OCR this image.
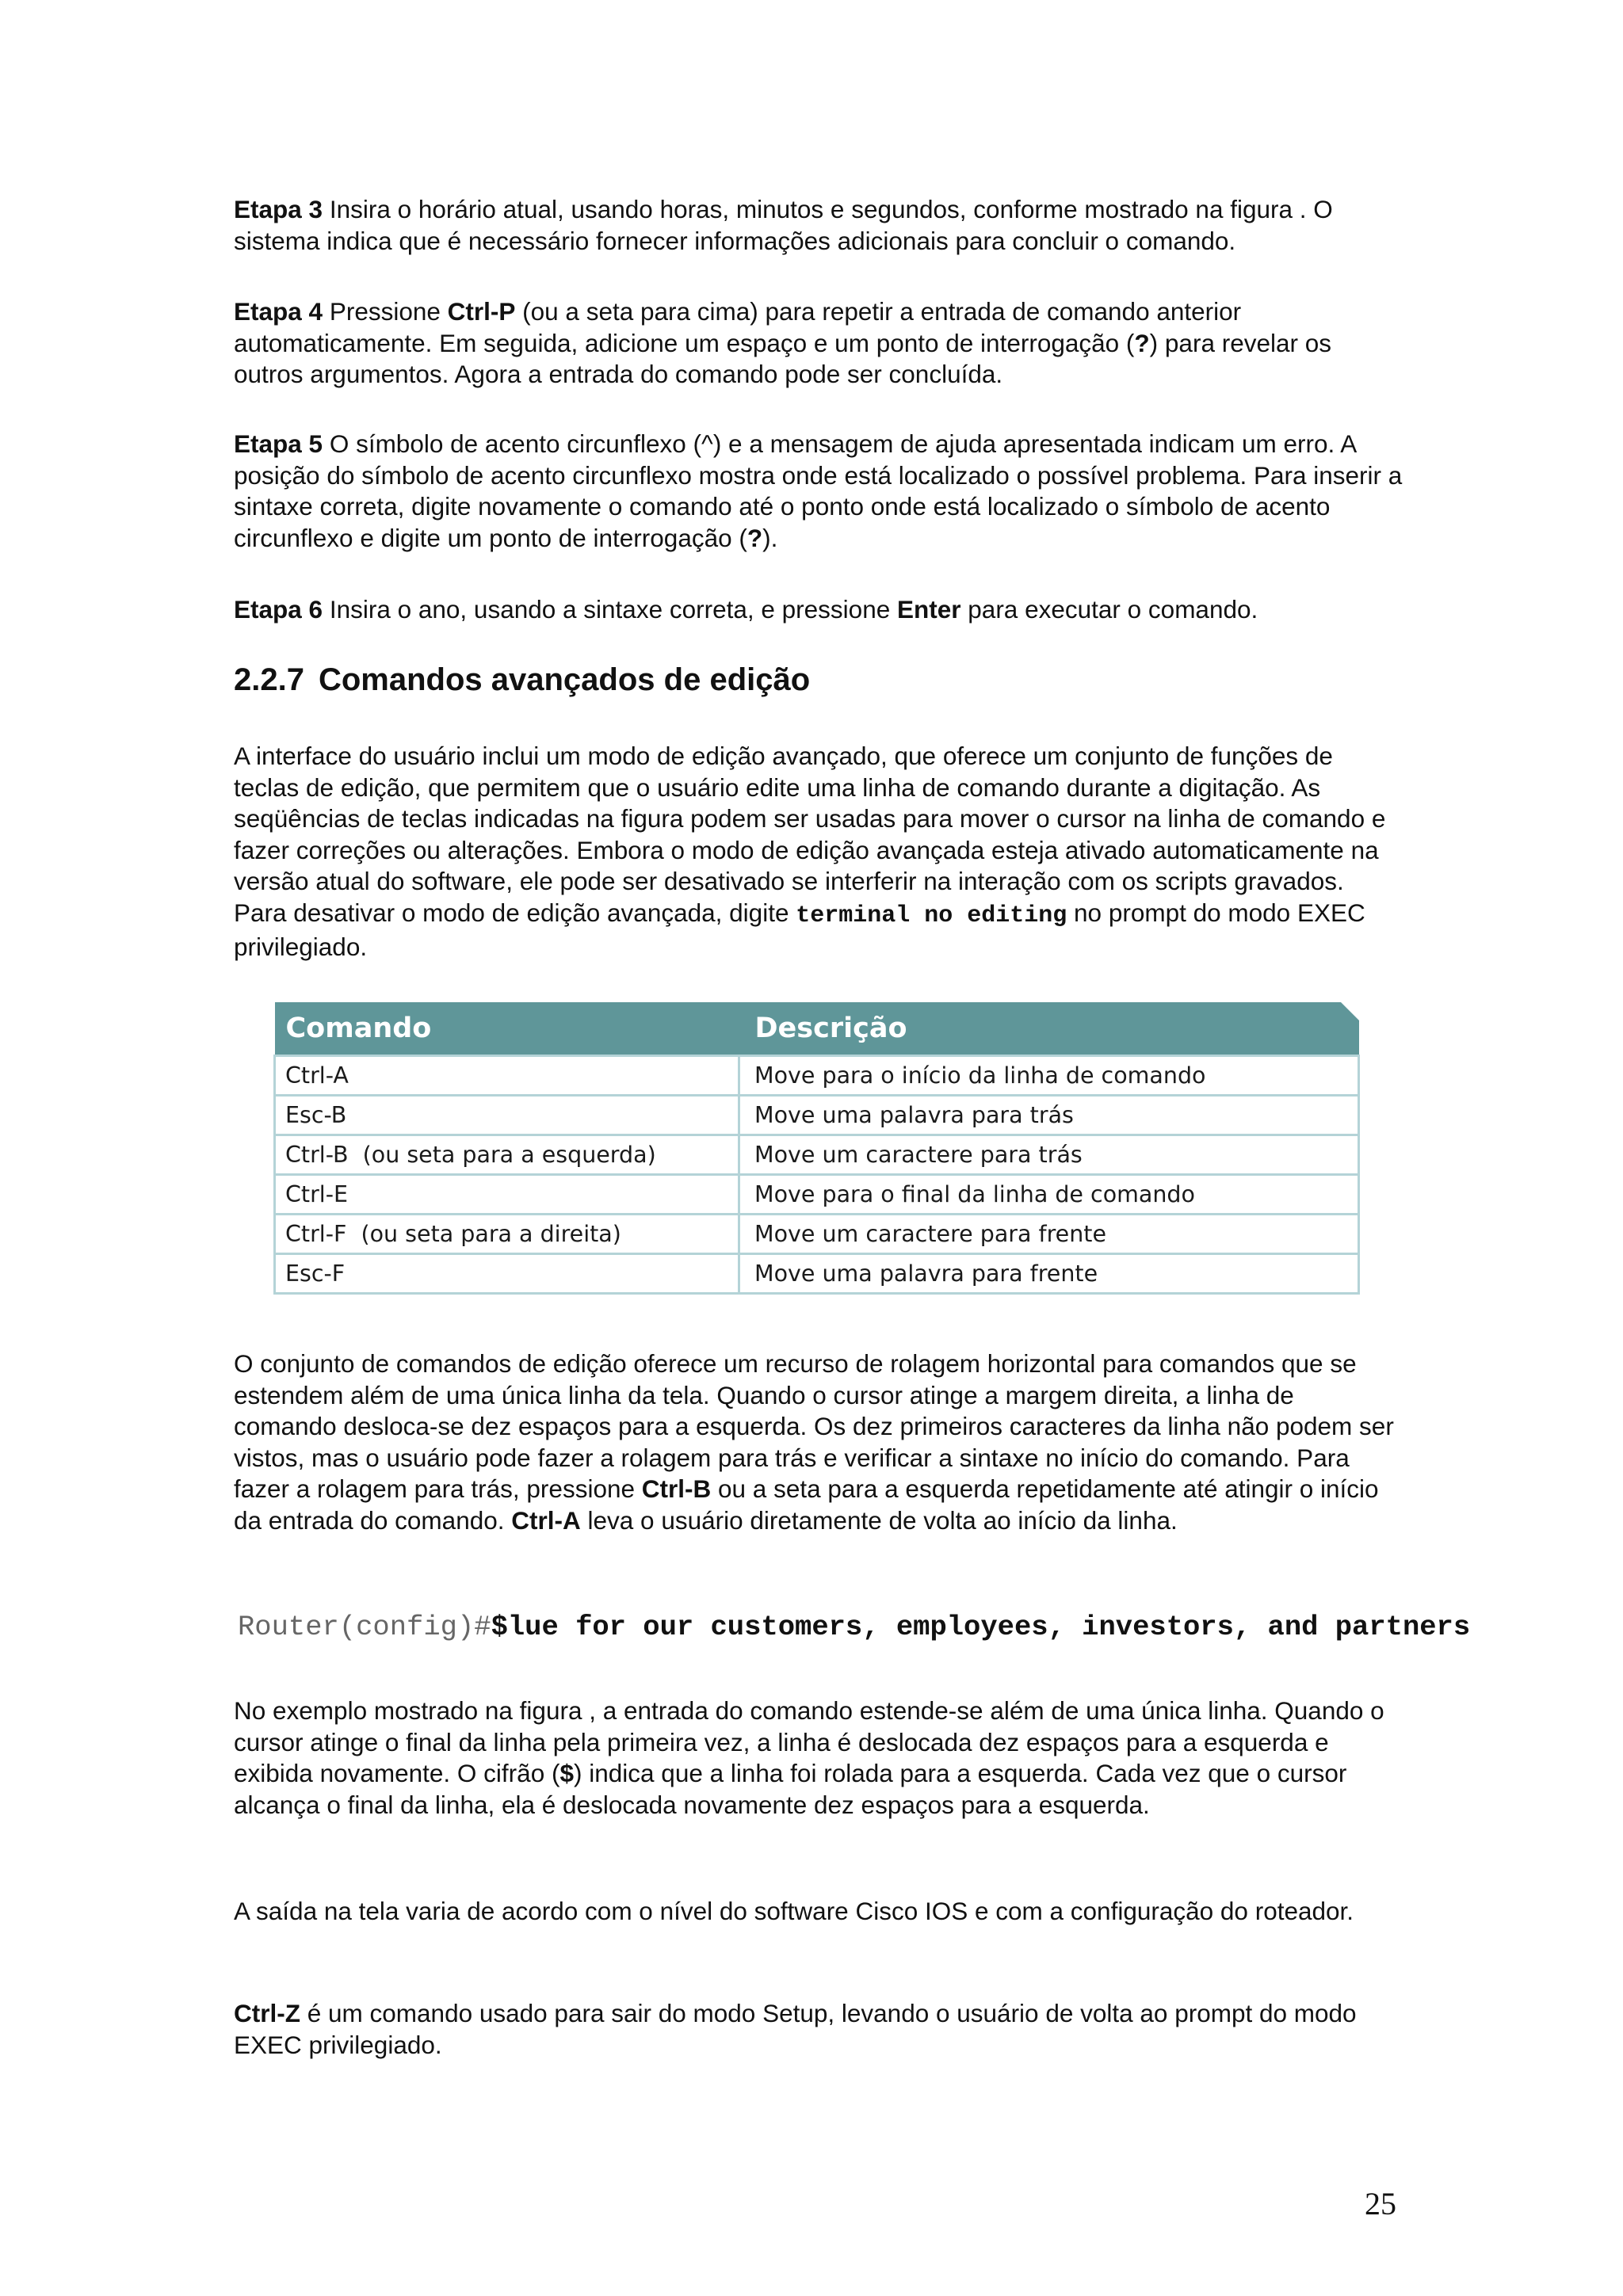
Etapa 3 Insira o horário atual, usando horas, minutos e segundos, conforme mostrado na figura . O sistema indica que é necessário fornecer informações adicionais para concluir o comando.

Etapa 4 Pressione Ctrl-P (ou a seta para cima) para repetir a entrada de comando anterior automaticamente. Em seguida, adicione um espaço e um ponto de interrogação (?) para revelar os outros argumentos. Agora a entrada do comando pode ser concluída.

Etapa 5 O símbolo de acento circunflexo (^) e a mensagem de ajuda apresentada indicam um erro. A posição do símbolo de acento circunflexo mostra onde está localizado o possível problema. Para inserir a sintaxe correta, digite novamente o comando até o ponto onde está localizado o símbolo de acento circunflexo e digite um ponto de interrogação (?).

Etapa 6 Insira o ano, usando a sintaxe correta, e pressione Enter para executar o comando.

2.2.7 Comandos avançados de edição

A interface do usuário inclui um modo de edição avançado, que oferece um conjunto de funções de teclas de edição, que permitem que o usuário edite uma linha de comando durante a digitação. As seqüências de teclas indicadas na figura podem ser usadas para mover o cursor na linha de comando e fazer correções ou alterações. Embora o modo de edição avançada esteja ativado automaticamente na versão atual do software, ele pode ser desativado se interferir na interação com os scripts gravados. Para desativar o modo de edição avançada, digite terminal no editing no prompt do modo EXEC privilegiado.

Comando	Descrição
Ctrl-A	Move para o início da linha de comando
Esc-B	Move uma palavra para trás
Ctrl-B  (ou seta para a esquerda)	Move um caractere para trás
Ctrl-E	Move para o final da linha de comando
Ctrl-F  (ou seta para a direita)	Move um caractere para frente
Esc-F	Move uma palavra para frente

O conjunto de comandos de edição oferece um recurso de rolagem horizontal para comandos que se estendem além de uma única linha da tela. Quando o cursor atinge a margem direita, a linha de comando desloca-se dez espaços para a esquerda. Os dez primeiros caracteres da linha não podem ser vistos, mas o usuário pode fazer a rolagem para trás e verificar a sintaxe no início do comando. Para fazer a rolagem para trás, pressione Ctrl-B ou a seta para a esquerda repetidamente até atingir o início da entrada do comando. Ctrl-A leva o usuário diretamente de volta ao início da linha.

Router(config)#$lue for our customers, employees, investors, and partners

No exemplo mostrado na figura , a entrada do comando estende-se além de uma única linha. Quando o cursor atinge o final da linha pela primeira vez, a linha é deslocada dez espaços para a esquerda e exibida novamente. O cifrão ($) indica que a linha foi rolada para a esquerda. Cada vez que o cursor alcança o final da linha, ela é deslocada novamente dez espaços para a esquerda.

A saída na tela varia de acordo com o nível do software Cisco IOS e com a configuração do roteador.

Ctrl-Z é um comando usado para sair do modo Setup, levando o usuário de volta ao prompt do modo EXEC privilegiado.

25
